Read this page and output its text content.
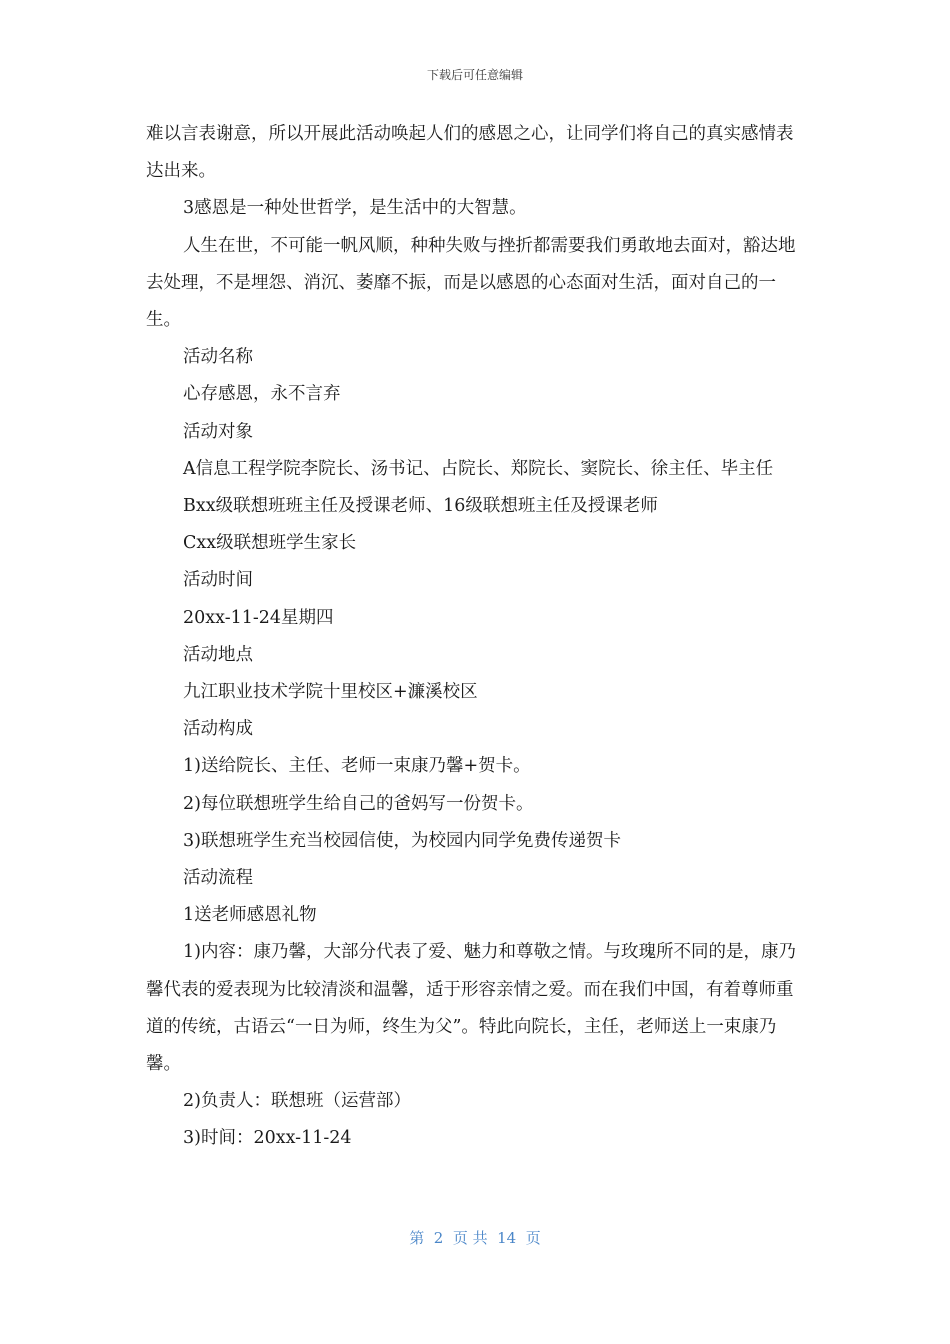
下载后可任意编辑

难以言表谢意，所以开展此活动唤起人们的感恩之心，让同学们将自己的真实感情表达出来。

3感恩是一种处世哲学，是生活中的大智慧。

人生在世，不可能一帆风顺，种种失败与挫折都需要我们勇敢地去面对，豁达地去处理，不是埋怨、消沉、萎靡不振，而是以感恩的心态面对生活，面对自己的一生。

活动名称

心存感恩，永不言弃

活动对象

A信息工程学院李院长、汤书记、占院长、郑院长、窦院长、徐主任、毕主任

Bxx级联想班班主任及授课老师、16级联想班主任及授课老师

Cxx级联想班学生家长

活动时间

20xx-11-24星期四

活动地点

九江职业技术学院十里校区+濂溪校区

活动构成

1)送给院长、主任、老师一束康乃馨+贺卡。

2)每位联想班学生给自己的爸妈写一份贺卡。

3)联想班学生充当校园信使，为校园内同学免费传递贺卡

活动流程

1送老师感恩礼物

1)内容：康乃馨，大部分代表了爱、魅力和尊敬之情。与玫瑰所不同的是，康乃馨代表的爱表现为比较清淡和温馨，适于形容亲情之爱。而在我们中国，有着尊师重道的传统，古语云“一日为师，终生为父”。特此向院长，主任，老师送上一束康乃馨。

2)负责人：联想班（运营部）

3)时间：20xx-11-24

第  2  页 共  14  页
